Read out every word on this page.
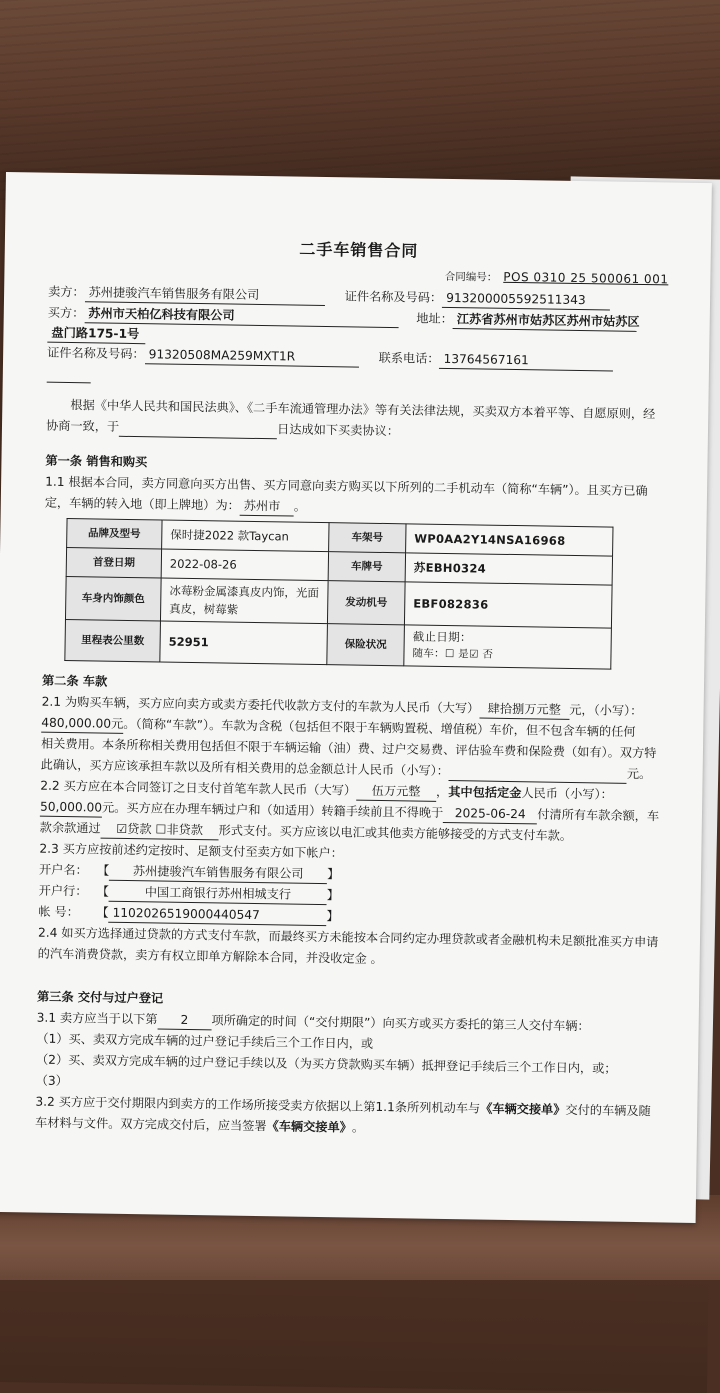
二手车销售合同
合同编号： POS 0310 25 500061 001
卖方： 苏州捷骏汽车销售服务有限公司	证件名称及号码： 913200005592511343
买方： 苏州市天柏亿科技有限公司	地址： 江苏省苏州市姑苏区苏州市姑苏区
盘门路175-1号
证件名称及号码： 91320508MA259MXT1R	联系电话： 13764567161

根据《中华人民共和国民法典》、《二手车流通管理办法》等有关法律法规，买卖双方本着平等、自愿原则，经
协商一致，于
	日达成如下买卖协议：
第一条 销售和购买
1.1 根据本合同，卖方同意向买方出售、买方同意向卖方购买以下所列的二手机动车（简称“车辆”）。且买方已确
定，车辆的转入地（即上牌地）为： 苏州市	。
品牌及型号	保时捷2022 款Taycan	车架号	WP0AA2Y14NSA16968
首登日期	2022-08-26	车牌号	苏EBH0324
车身内饰颜色	冰莓粉金属漆真皮内饰，光面真皮，树莓紫	发动机号	EBF082836
里程表公里数	52951	保险状况	截止日期：
随车：☐ 是☑ 否
第二条 车款
2.1 为购买车辆，买方应向卖方或卖方委托代收款方支付的车款为人民币（大写） 肆拾捌万元整 元，（小写）：
480,000.00元 。（简称“车款”）。车款为含税（包括但不限于车辆购置税、增值税）车价，但不包含车辆的任何
相关费用。本条所称相关费用包括但不限于车辆运输（油）费、过户交易费、评估验车费和保险费（如有）。双方特
此确认，买方应该承担车款以及所有相关费用的总金额总计人民币（小写）：
	元。
2.2 买方应在本合同签订之日支付首笔车款人民币（大写）	伍万元整	， 其中包括定金 人民币（小写）：
50,000.00 元。买方应在办理车辆过户和（如适用）转籍手续前且不得晚于 2025-06-24 付清所有车款余额，车
款余款通过	☑贷款 ☐非贷款	形式支付。买方应该以电汇或其他卖方能够接受的方式支付车款。
2.3 买方应按前述约定按时、足额支付至卖方如下帐户：
开户名： 【	苏州捷骏汽车销售服务有限公司	】
开户行： 【	中国工商银行苏州相城支行	】
帐 号：	【 1102026519000440547	】
2.4 如买方选择通过贷款的方式支付车款，而最终买方未能按本合同约定办理贷款或者金融机构未足额批准买方申请
的汽车消费贷款，卖方有权立即单方解除本合同，并没收定金 。
第三条 交付与过户登记
3.1 卖方应当于以下第	2	项所确定的时间（“交付期限”）向买方或买方委托的第三人交付车辆：
（1）买、卖双方完成车辆的过户登记手续后三个工作日内，或
（2）买、卖双方完成车辆的过户登记手续以及（为买方贷款购买车辆）抵押登记手续后三个工作日内，或；
（3）
3.2 买方应于交付期限内到卖方的工作场所接受卖方依据以上第1.1条所列机动车与 《车辆交接单》 交付的车辆及随
车材料与文件。双方完成交付后，应当签署 《车辆交接单》 。
